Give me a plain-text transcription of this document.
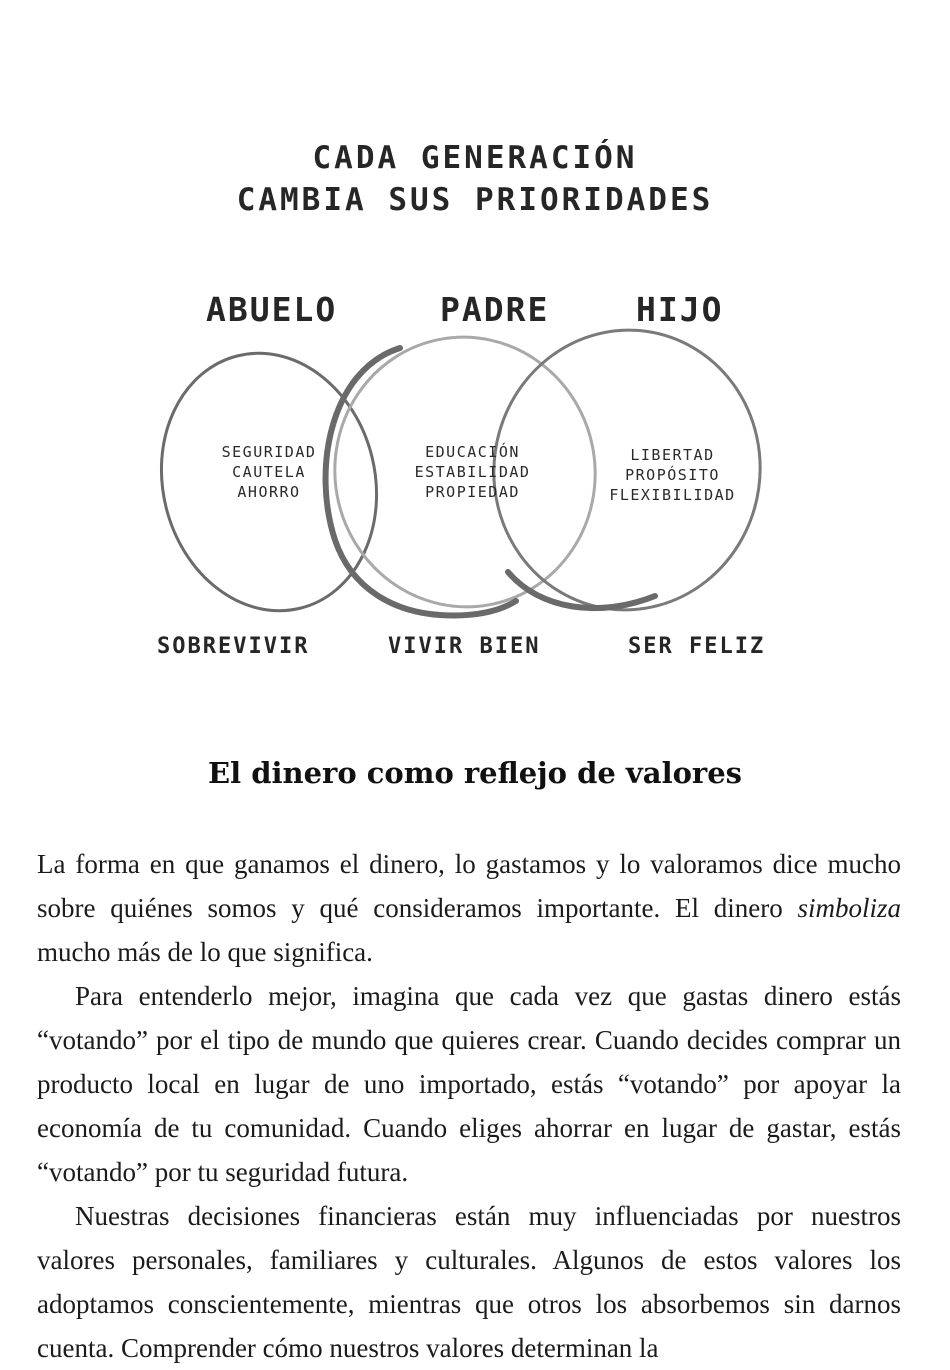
CADA GENERACIÓN
CAMBIA SUS PRIORIDADES
ABUELO	PADRE	HIJO
SEGURIDAD
CAUTELA
AHORRO
EDUCACIÓN
ESTABILIDAD
PROPIEDAD
LIBERTAD
PROPÓSITO
FLEXIBILIDAD
SOBREVIVIR	VIVIR BIEN	SER FELIZ
El dinero como reflejo de valores

La forma en que ganamos el dinero, lo gastamos y lo valoramos dice mucho sobre quiénes somos y qué consideramos importante. El dinero simboliza mucho más de lo que significa.

Para entenderlo mejor, imagina que cada vez que gastas dinero estás “votando” por el tipo de mundo que quieres crear. Cuando decides comprar un producto local en lugar de uno importado, estás “votando” por apoyar la economía de tu comunidad. Cuando eliges ahorrar en lugar de gastar, estás “votando” por tu seguridad futura.

Nuestras decisiones financieras están muy influenciadas por nuestros valores personales, familiares y culturales. Algunos de estos valores los adoptamos conscientemente, mientras que otros los absorbemos sin darnos cuenta. Comprender cómo nuestros valores determinan la
